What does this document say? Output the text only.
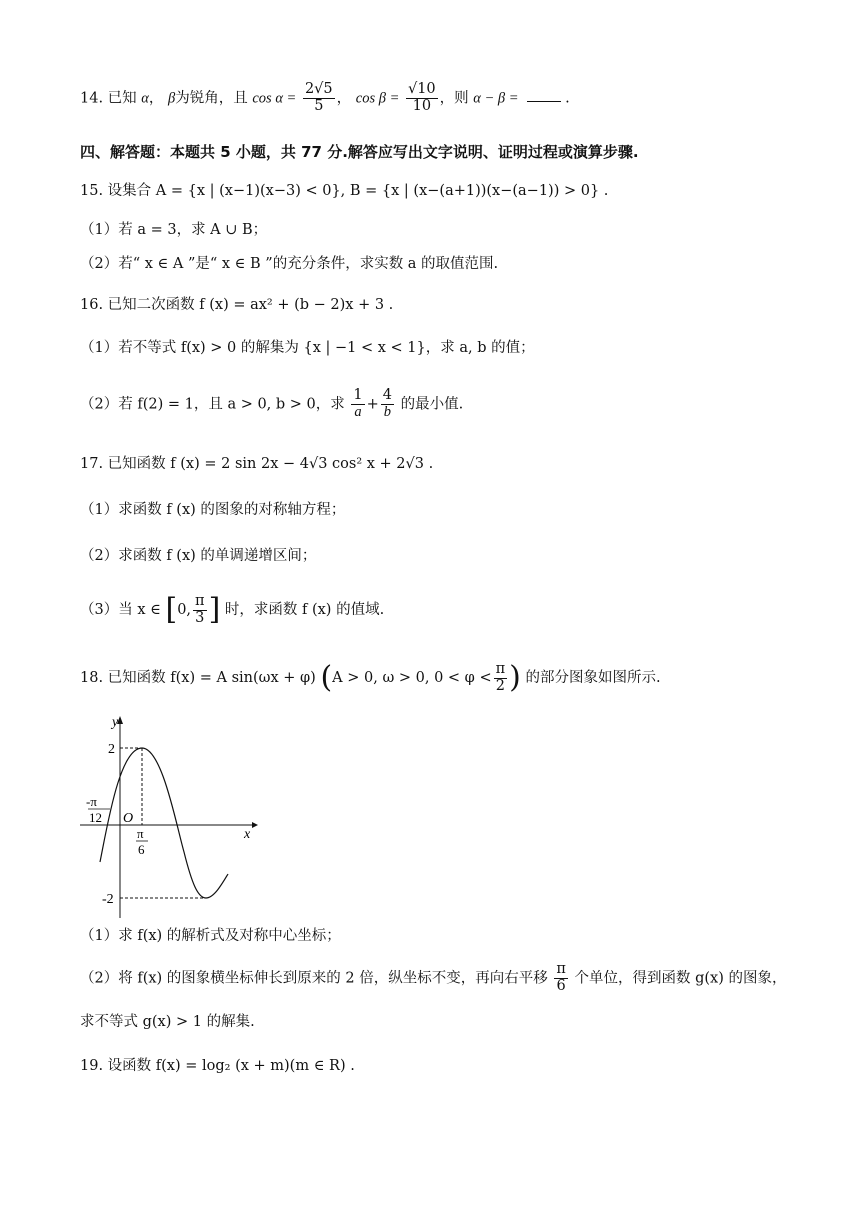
14. 已知 α， β为锐角，且 $\cos \alpha = \frac{2√5}{5}$ ， $\cos \beta = \frac{√10}{10}$ ，则 α − β =	.
四、解答题：本题共 5 小题，共 77 分.解答应写出文字说明、证明过程或演算步骤.
15. 设集合 A = {x | (x−1)(x−3) < 0}, B = {x | (x−(a+1))(x−(a−1)) > 0} .
（1）若 a = 3，求 A ∪ B；
（2）若“ x ∈ A ”是“ x ∈ B ”的充分条件，求实数 a 的取值范围.
16. 已知二次函数 f (x) = ax² + (b − 2)x + 3 .
（1）若不等式 f(x) > 0 的解集为 {x | −1 < x < 1}，求 a, b 的值；
（2）若 f(2) = 1，且 a > 0, b > 0，求 $\frac{1}{a} + \frac{4}{b}$ 的最小值.
17. 已知函数 f (x) = 2 sin 2x − 4√3 cos² x + 2√3 .
（1）求函数 f (x) 的图象的对称轴方程；
（2）求函数 f (x) 的单调递增区间；
（3）当 x ∈ [0, $\frac{\pi}{3}$ ] 时，求函数 f (x) 的值域.
18. 已知函数 f(x) = A sin(ωx + φ) (A > 0, ω > 0, $0 < \varphi < \frac{\pi}{2}$ ) 的部分图象如图所示.
y
x
O
2
-2
-π
12
π
6
（1）求 f(x) 的解析式及对称中心坐标；
（2）将 f(x) 的图象横坐标伸长到原来的 2 倍，纵坐标不变，再向右平移 $\frac{\pi}{6}$ 个单位，得到函数 g(x) 的图象，
求不等式 g(x) > 1 的解集.
19. 设函数 f(x) = log₂ (x + m)(m ∈ R) .
